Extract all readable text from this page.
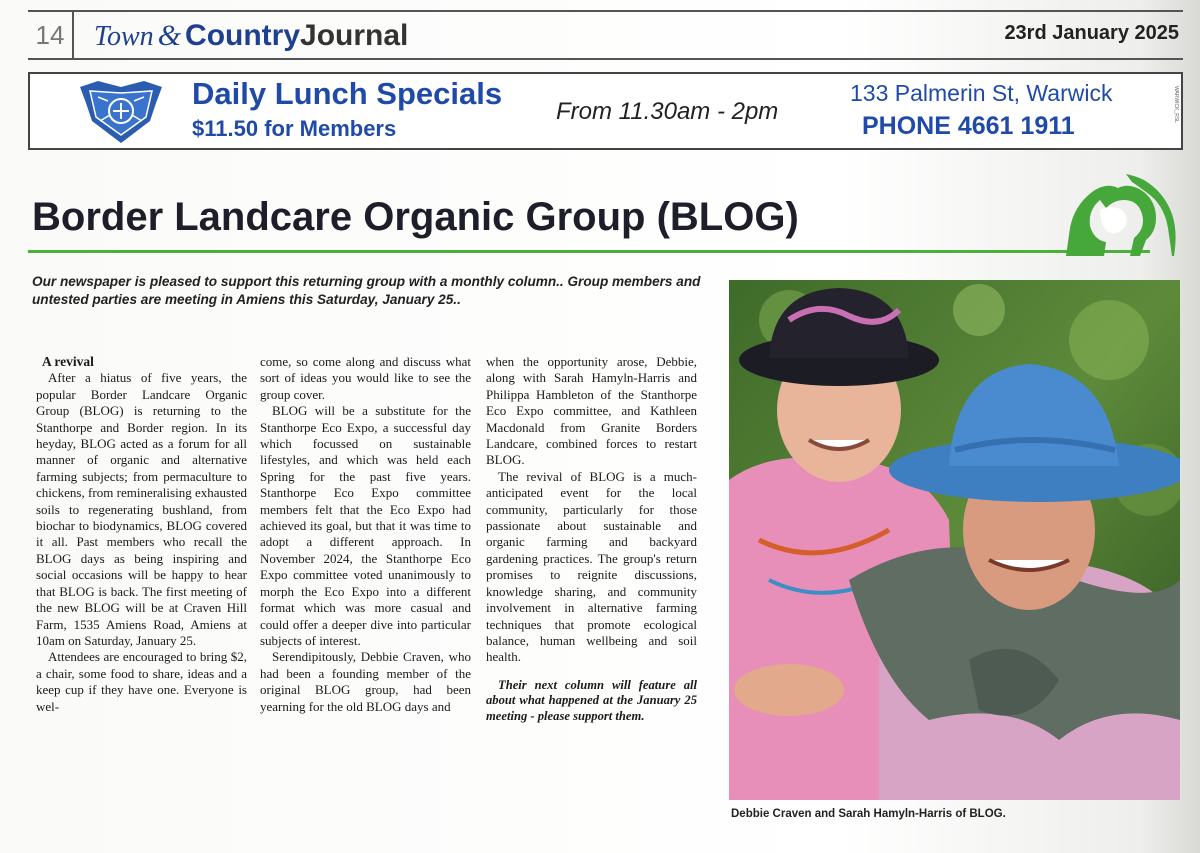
14	Town & CountryJournal	23rd January 2025
Daily Lunch Specials
$11.50 for Members
From 11.30am - 2pm
133 Palmerin St, Warwick
PHONE 4661 1911
WARWICK_RSL
Border Landcare Organic Group (BLOG)
Our newspaper is pleased to support this returning group with a monthly column.. Group members and untested parties are meeting in Amiens this Saturday, January 25..
A revival

After a hiatus of five years, the popular Border Landcare Organic Group (BLOG) is returning to the Stanthorpe and Border region. In its heyday, BLOG acted as a forum for all manner of organic and alternative farming subjects; from permaculture to chickens, from remineralising exhausted soils to regenerating bushland, from biochar to biodynamics, BLOG covered it all. Past members who recall the BLOG days as being inspiring and social occasions will be happy to hear that BLOG is back. The first meeting of the new BLOG will be at Craven Hill Farm, 1535 Amiens Road, Amiens at 10am on Saturday, January 25.

Attendees are encouraged to bring $2, a chair, some food to share, ideas and a keep cup if they have one. Everyone is wel-

come, so come along and discuss what sort of ideas you would like to see the group cover.

BLOG will be a substitute for the Stanthorpe Eco Expo, a successful day which focussed on sustainable lifestyles, and which was held each Spring for the past five years. Stanthorpe Eco Expo committee members felt that the Eco Expo had achieved its goal, but that it was time to adopt a different approach. In November 2024, the Stanthorpe Eco Expo committee voted unanimously to morph the Eco Expo into a different format which was more casual and could offer a deeper dive into particular subjects of interest.

Serendipitously, Debbie Craven, who had been a founding member of the original BLOG group, had been yearning for the old BLOG days and

when the opportunity arose, Debbie, along with Sarah Hamyln-Harris and Philippa Hambleton of the Stanthorpe Eco Expo committee, and Kathleen Macdonald from Granite Borders Landcare, combined forces to restart BLOG.

The revival of BLOG is a much-anticipated event for the local community, particularly for those passionate about sustainable and organic farming and backyard gardening practices. The group's return promises to reignite discussions, knowledge sharing, and community involvement in alternative farming techniques that promote ecological balance, human wellbeing and soil health.

Their next column will feature all about what happened at the January 25 meeting - please support them.

Debbie Craven and Sarah Hamyln-Harris of BLOG.
